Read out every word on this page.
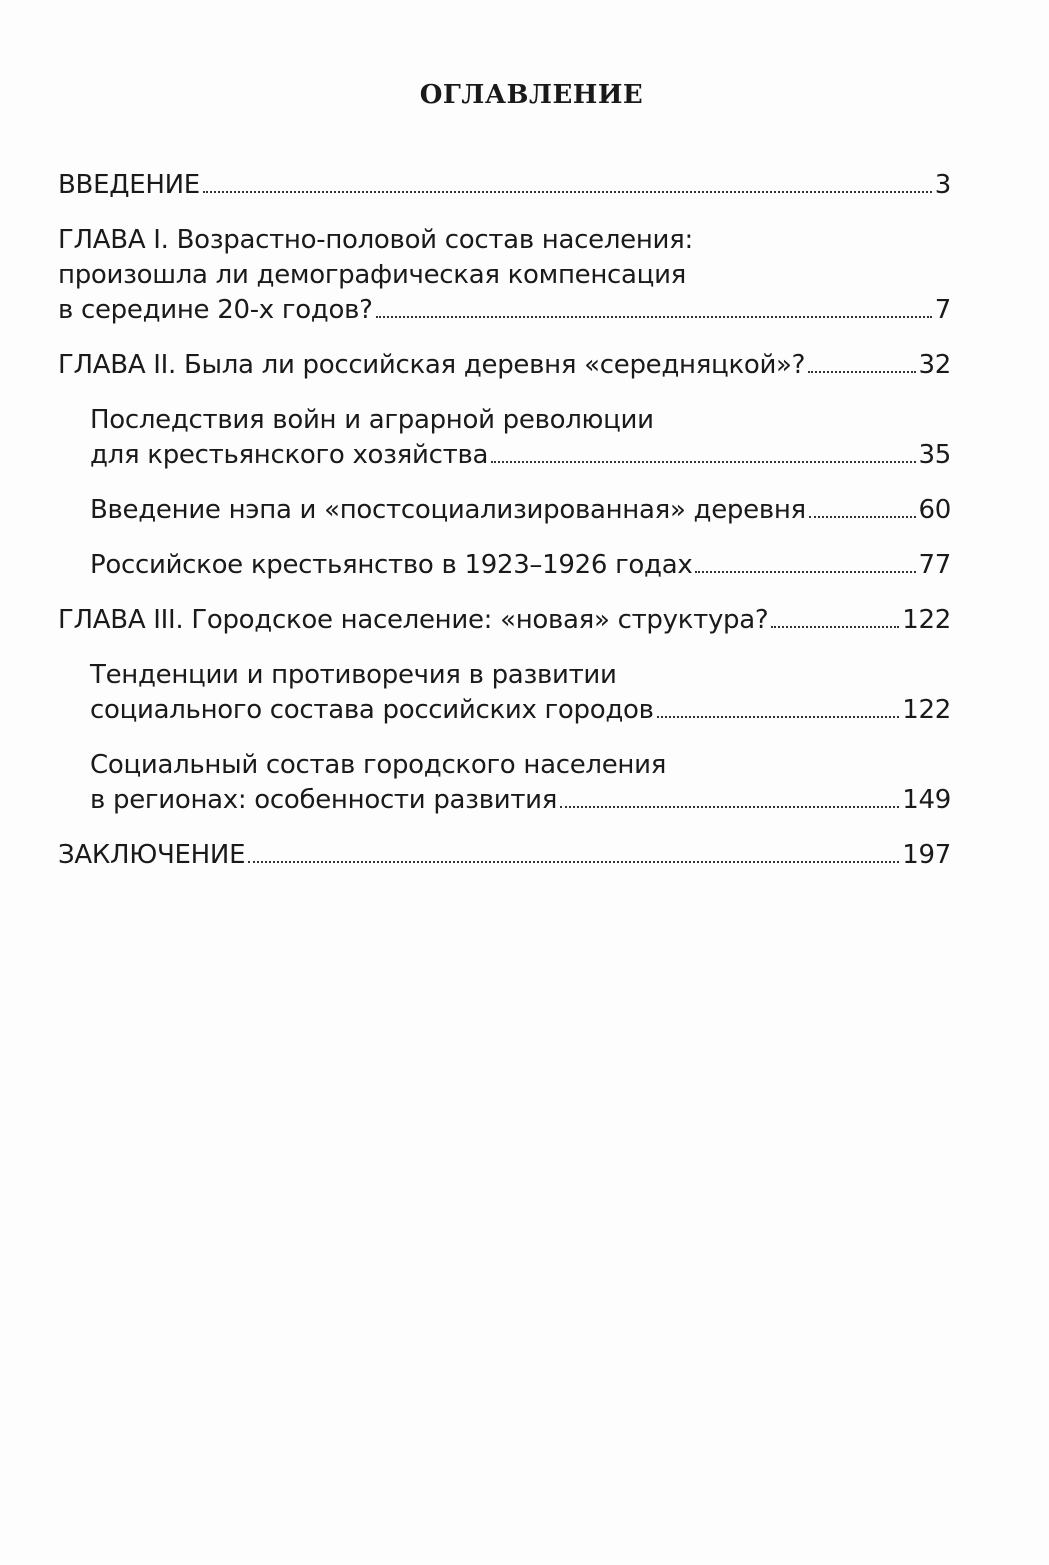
ОГЛАВЛЕНИЕ
ВВЕДЕНИЕ	3
ГЛАВА I. Возрастно-половой состав населения:
произошла ли демографическая компенсация
в середине 20-х годов?	7
ГЛАВА II. Была ли российская деревня «середняцкой»?	32
Последствия войн и аграрной революции
для крестьянского хозяйства	35
Введение нэпа и «постсоциализированная» деревня	60
Российское крестьянство в 1923–1926 годах	77
ГЛАВА III. Городское население: «новая» структура?	122
Тенденции и противоречия в развитии
социального состава российских городов	122
Социальный состав городского населения
в регионах: особенности развития	149
ЗАКЛЮЧЕНИЕ	197
